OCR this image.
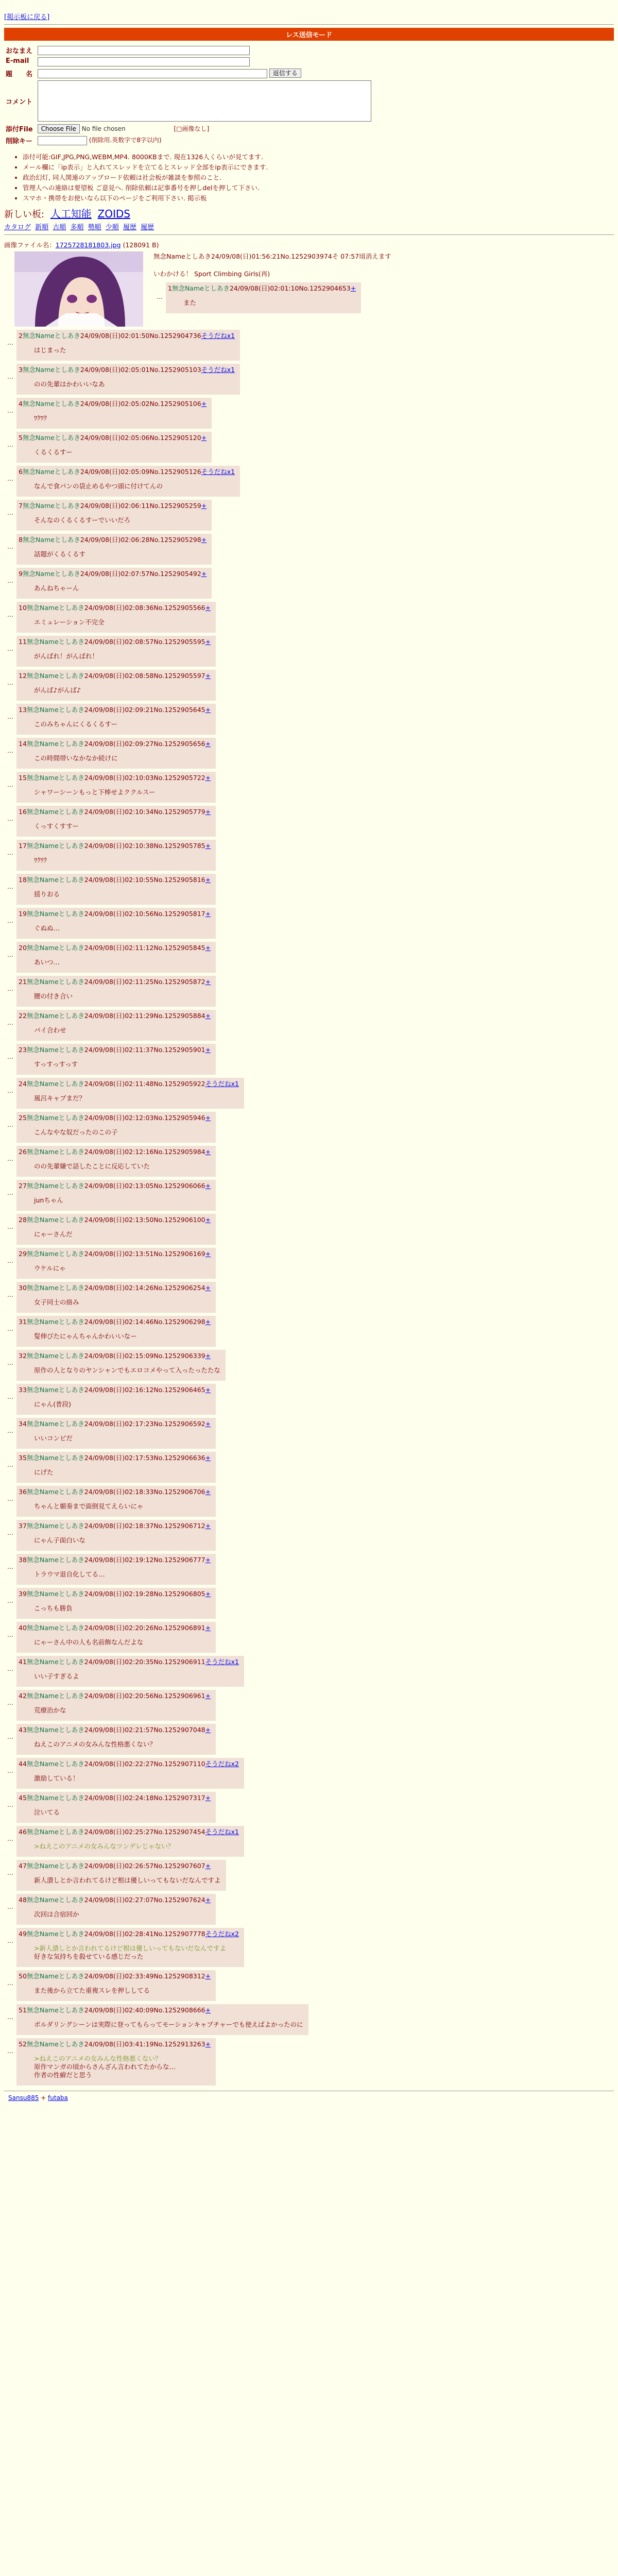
[掲示板に戻る]
レス送信モード
おなまえ	

E-mail	

題　　名	返信する
コメント	

添付File	Choose File No file chosen [□画像なし]
削除キー	(削除用.英数字で8字以内)
• 添付可能:GIF,JPG,PNG,WEBM,MP4. 8000KBまで. 現在1326人くらいが見てます.
• メール欄に「ip表示」と入れてスレッドを立てるとスレッド全部をip表示にできます.
• 政治幻灯, 同人関連のアップロード依頼は社会板が雑談を参照のこと.
• 管理人への連絡は要望板 ご意見へ. 削除依頼は記事番号を押しdelを押して下さい.
• スマホ・携帯をお使いなら以下のページをご利用下さい. 掲示板
新しい板: 人工知能 ZOIDS
カタログ 新順 古順 多順 勢順 少順 履歴 履歴
画像ファイル名：1725728181803.jpg (128091 B)
無念Nameとしあき24/09/08(日)01:56:21No.1252903974そ 07:57頃消えます
いわかける！ Sport Climbing Girls(再)
…
1無念Nameとしあき24/09/08(日)02:01:10No.1252904653+
また
…
2無念Nameとしあき24/09/08(日)02:01:50No.1252904736そうだねx1
はじまった
…
3無念Nameとしあき24/09/08(日)02:05:01No.1252905103そうだねx1
のの先輩はかわいいなあ
…
4無念Nameとしあき24/09/08(日)02:05:02No.1252905106+
ﾜｸﾜｸ
…
5無念Nameとしあき24/09/08(日)02:05:06No.1252905120+
くるくるすー
…
6無念Nameとしあき24/09/08(日)02:05:09No.1252905126そうだねx1
なんで食パンの袋止めるやつ頭に付けてんの
…
7無念Nameとしあき24/09/08(日)02:06:11No.1252905259+
そんなのくるくるすーでいいだろ
…
8無念Nameとしあき24/09/08(日)02:06:28No.1252905298+
話題がくるくるす
…
9無念Nameとしあき24/09/08(日)02:07:57No.1252905492+
あんねちゃーん
…
10無念Nameとしあき24/09/08(日)02:08:36No.1252905566+
エミュレーション不完全
…
11無念Nameとしあき24/09/08(日)02:08:57No.1252905595+
がんばれ！がんばれ！
…
12無念Nameとしあき24/09/08(日)02:08:58No.1252905597+
がんば♪がんば♪
…
13無念Nameとしあき24/09/08(日)02:09:21No.1252905645+
このみちゃんにくるくるすー
…
14無念Nameとしあき24/09/08(日)02:09:27No.1252905656+
この時間帯いなかなか続けに
…
15無念Nameとしあき24/09/08(日)02:10:03No.1252905722+
シャワーシーンもっと下棒せよククルスー
…
16無念Nameとしあき24/09/08(日)02:10:34No.1252905779+
くっすくすすー
…
17無念Nameとしあき24/09/08(日)02:10:38No.1252905785+
ﾜｸﾜｸ
…
18無念Nameとしあき24/09/08(日)02:10:55No.1252905816+
揺りおる
…
19無念Nameとしあき24/09/08(日)02:10:56No.1252905817+
ぐぬぬ…
…
20無念Nameとしあき24/09/08(日)02:11:12No.1252905845+
あいつ…
…
21無念Nameとしあき24/09/08(日)02:11:25No.1252905872+
腰の付き合い
…
22無念Nameとしあき24/09/08(日)02:11:29No.1252905884+
パイ合わせ
…
23無念Nameとしあき24/09/08(日)02:11:37No.1252905901+
すっすっすっす
…
24無念Nameとしあき24/09/08(日)02:11:48No.1252905922そうだねx1
風呂キャプまだ？
…
25無念Nameとしあき24/09/08(日)02:12:03No.1252905946+
こんなやな奴だったのこの子
…
26無念Nameとしあき24/09/08(日)02:12:16No.1252905984+
のの先輩嫌で話したことに反応していた
…
27無念Nameとしあき24/09/08(日)02:13:05No.1252906066+
junちゃん
…
28無念Nameとしあき24/09/08(日)02:13:50No.1252906100+
にゃーさんだ
…
29無念Nameとしあき24/09/08(日)02:13:51No.1252906169+
ウケルにゃ
…
30無念Nameとしあき24/09/08(日)02:14:26No.1252906254+
女子同士の絡み
…
31無念Nameとしあき24/09/08(日)02:14:46No.1252906298+
髪伸びたにゃんちゃんかわいいなー
…
32無念Nameとしあき24/09/08(日)02:15:09No.1252906339+
原作の人となりのヤンシャンでもエロコメやって入ったったたな
…
33無念Nameとしあき24/09/08(日)02:16:12No.1252906465+
にゃん(普段)
…
34無念Nameとしあき24/09/08(日)02:17:23No.1252906592+
いいコンビだ
…
35無念Nameとしあき24/09/08(日)02:17:53No.1252906636+
にげた
…
36無念Nameとしあき24/09/08(日)02:18:33No.1252906706+
ちゃんと媚奏まで面倒見てえらいにゃ
…
37無念Nameとしあき24/09/08(日)02:18:37No.1252906712+
にゃん子面白いな
…
38無念Nameとしあき24/09/08(日)02:19:12No.1252906777+
トラウマ退自化してる…
…
39無念Nameとしあき24/09/08(日)02:19:28No.1252906805+
こっちも勝負
…
40無念Nameとしあき24/09/08(日)02:20:26No.1252906891+
にゃーさん中の人も名前飾なんだよな
…
41無念Nameとしあき24/09/08(日)02:20:35No.1252906911そうだねx1
いい子すぎるよ
…
42無念Nameとしあき24/09/08(日)02:20:56No.1252906961+
荒療治かな
…
43無念Nameとしあき24/09/08(日)02:21:57No.1252907048+
ねえこのアニメの女みんな性格悪くない？
…
44無念Nameとしあき24/09/08(日)02:22:27No.1252907110そうだねx2
激励している！
…
45無念Nameとしあき24/09/08(日)02:24:18No.1252907317+
泣いてる
…
46無念Nameとしあき24/09/08(日)02:25:27No.1252907454そうだねx1
>ねえこのアニメの女みんなツンデレじゃない？
…
47無念Nameとしあき24/09/08(日)02:26:57No.1252907607+
新人潰しとか言われてるけど根は優しいってもないだなんですよ
…
48無念Nameとしあき24/09/08(日)02:27:07No.1252907624+
次回は合宿回か
…
49無念Nameとしあき24/09/08(日)02:28:41No.1252907778そうだねx2
>新人潰しとか言われてるけど根は優しいってもないだなんですよ
好きな気持ちを殺せている感じだった
…
50無念Nameとしあき24/09/08(日)02:33:49No.1252908312+
また後から立てた重複スレを押ししてる
…
51無念Nameとしあき24/09/08(日)02:40:09No.1252908666+
ボルダリングシーンは実際に登ってもらってモーションキャプチャーでも使えばよかったのに
…
52無念Nameとしあき24/09/08(日)03:41:19No.1252913263+
>ねえこのアニメの女みんな性格悪くない？
原作マンガの頃からさんざん言われてたからな…
作者の性癖だと思う
Sansu885 + futaba
